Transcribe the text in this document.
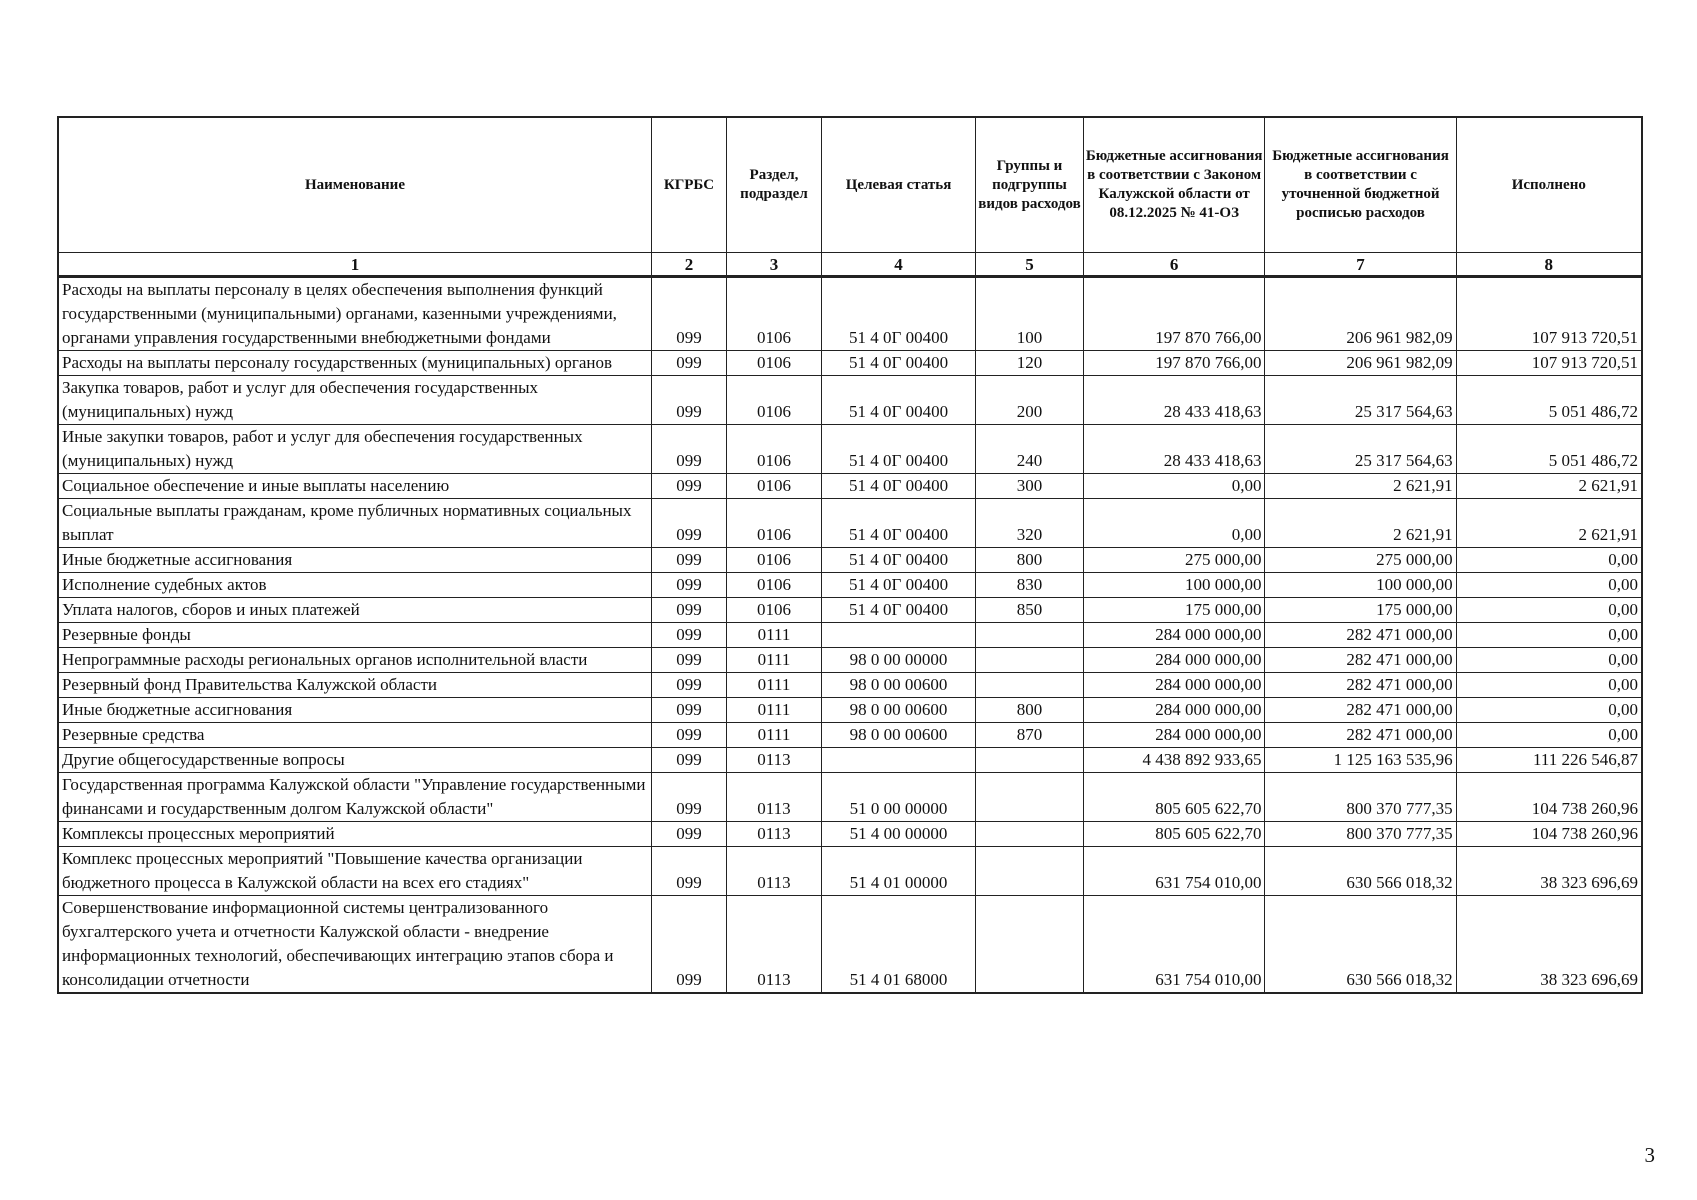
Наименование	КГРБС	Раздел, подраздел	Целевая статья	Группы и подгруппы видов расходов	Бюджетные ассигнования в соответствии с Законом Калужской области от 08.12.2025 № 41-ОЗ	Бюджетные ассигнования в соответствии с уточненной бюджетной росписью расходов	Исполнено
1	2	3	4	5	6	7	8
Расходы на выплаты персоналу в целях обеспечения выполнения функций государственными (муниципальными) органами, казенными учреждениями, органами управления государственными внебюджетными фондами	099	0106	51 4 0Г 00400	100	197 870 766,00	206 961 982,09	107 913 720,51
Расходы на выплаты персоналу государственных (муниципальных) органов	099	0106	51 4 0Г 00400	120	197 870 766,00	206 961 982,09	107 913 720,51
Закупка товаров, работ и услуг для обеспечения государственных (муниципальных) нужд	099	0106	51 4 0Г 00400	200	28 433 418,63	25 317 564,63	5 051 486,72
Иные закупки товаров, работ и услуг для обеспечения государственных (муниципальных) нужд	099	0106	51 4 0Г 00400	240	28 433 418,63	25 317 564,63	5 051 486,72
Социальное обеспечение и иные выплаты населению	099	0106	51 4 0Г 00400	300	0,00	2 621,91	2 621,91
Социальные выплаты гражданам, кроме публичных нормативных социальных выплат	099	0106	51 4 0Г 00400	320	0,00	2 621,91	2 621,91
Иные бюджетные ассигнования	099	0106	51 4 0Г 00400	800	275 000,00	275 000,00	0,00
Исполнение судебных актов	099	0106	51 4 0Г 00400	830	100 000,00	100 000,00	0,00
Уплата налогов, сборов и иных платежей	099	0106	51 4 0Г 00400	850	175 000,00	175 000,00	0,00
Резервные фонды	099	0111			284 000 000,00	282 471 000,00	0,00
Непрограммные расходы региональных органов исполнительной власти	099	0111	98 0 00 00000		284 000 000,00	282 471 000,00	0,00
Резервный фонд Правительства Калужской области	099	0111	98 0 00 00600		284 000 000,00	282 471 000,00	0,00
Иные бюджетные ассигнования	099	0111	98 0 00 00600	800	284 000 000,00	282 471 000,00	0,00
Резервные средства	099	0111	98 0 00 00600	870	284 000 000,00	282 471 000,00	0,00
Другие общегосударственные вопросы	099	0113			4 438 892 933,65	1 125 163 535,96	111 226 546,87
Государственная программа Калужской области "Управление государственными финансами и государственным долгом Калужской области"	099	0113	51 0 00 00000		805 605 622,70	800 370 777,35	104 738 260,96
Комплексы процессных мероприятий	099	0113	51 4 00 00000		805 605 622,70	800 370 777,35	104 738 260,96
Комплекс процессных мероприятий "Повышение качества организации бюджетного процесса в Калужской области на всех его стадиях"	099	0113	51 4 01 00000		631 754 010,00	630 566 018,32	38 323 696,69
Совершенствование информационной системы централизованного бухгалтерского учета и отчетности Калужской области - внедрение информационных технологий, обеспечивающих интеграцию этапов сбора и консолидации отчетности	099	0113	51 4 01 68000		631 754 010,00	630 566 018,32	38 323 696,69
3
